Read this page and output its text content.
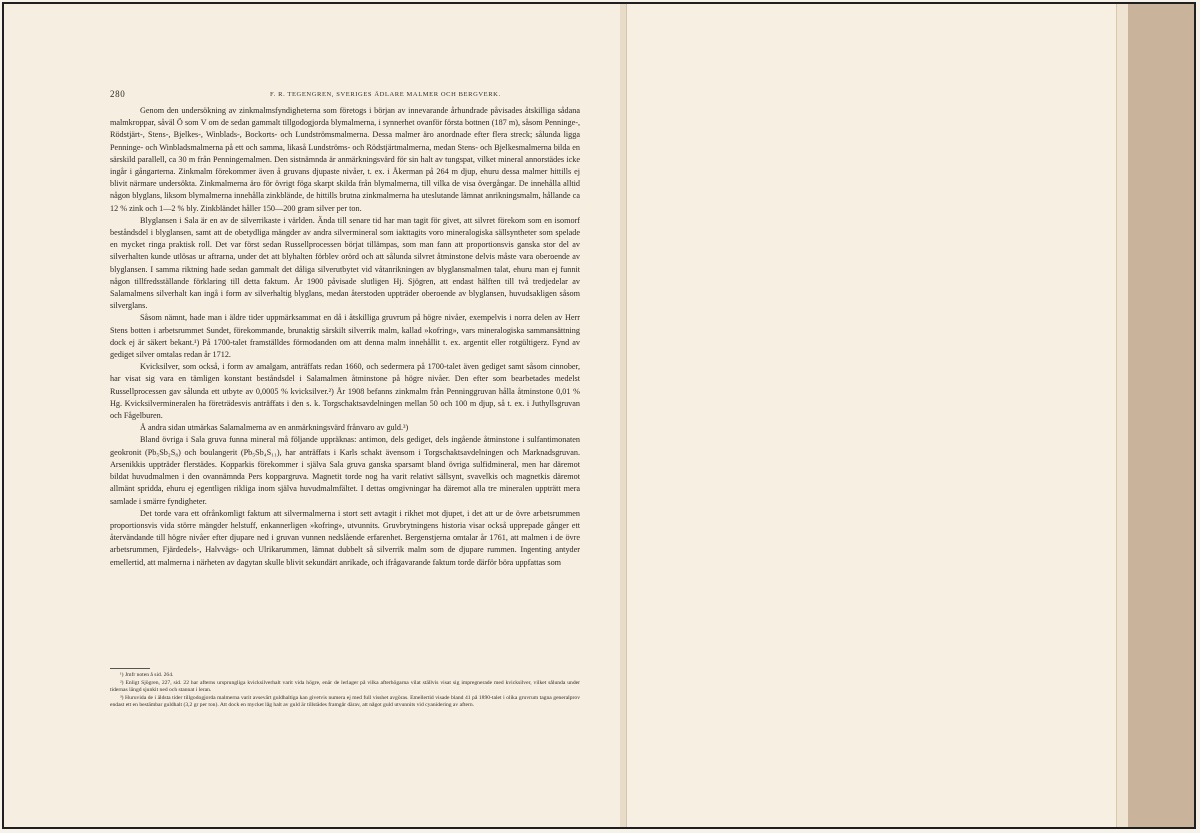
280	F. R. TEGENGREN, SVERIGES ÄDLARE MALMER OCH BERGVERK.

Genom den undersökning av zinkmalmsfyndigheterna som företogs i början av innevarande århundrade påvisades åtskilliga sådana malmkroppar, såväl Ö som V om de sedan gammalt tillgodogjorda blymalmerna, i synnerhet ovanför första bottnen (187 m), såsom Penninge-, Rödstjärt-, Stens-, Bjelkes-, Winblads-, Bockorts- och Lundströmsmalmerna. Dessa malmer äro anordnade efter flera streck; sålunda ligga Penninge- och Winbladsmalmerna på ett och samma, likaså Lundströms- och Rödstjärtmalmerna, medan Stens- och Bjelkesmalmerna bilda en särskild parallell, ca 30 m från Penningemalmen. Den sistnämnda är anmärkningsvärd för sin halt av tungspat, vilket mineral annorstädes icke ingår i gångarterna. Zinkmalm förekommer även å gruvans djupaste nivåer, t. ex. i Åkerman på 264 m djup, ehuru dessa malmer hittills ej blivit närmare undersökta. Zinkmalmerna äro för övrigt föga skarpt skilda från blymalmerna, till vilka de visa övergångar. De innehålla alltid någon blyglans, liksom blymalmerna innehålla zinkblände, de hittills brutna zinkmalmerna ha uteslutande lämnat anrikningsmalm, hållande ca 12 % zink och 1—2 % bly. Zinkbländet håller 150—200 gram silver per ton.

Blyglansen i Sala är en av de silverrikaste i världen. Ända till senare tid har man tagit för givet, att silvret förekom som en isomorf beståndsdel i blyglansen, samt att de obetydliga mängder av andra silvermineral som iakttagits voro mineralogiska sällsyntheter som spelade en mycket ringa praktisk roll. Det var först sedan Russellprocessen börjat tillämpas, som man fann att proportionsvis ganska stor del av silverhalten kunde utlösas ur aftrarna, under det att blyhalten förblev orörd och att sålunda silvret åtminstone delvis måste vara oberoende av blyglansen. I samma riktning hade sedan gammalt det dåliga silverutbytet vid våtanrikningen av blyglansmalmen talat, ehuru man ej funnit någon tillfredsställande förklaring till detta faktum. År 1900 påvisade slutligen Hj. Sjögren, att endast hälften till två tredjedelar av Salamalmens silverhalt kan ingå i form av silverhaltig blyglans, medan återstoden uppträder oberoende av blyglansen, huvudsakligen såsom silverglans.

Såsom nämnt, hade man i äldre tider uppmärksammat en då i åtskilliga gruvrum på högre nivåer, exempelvis i norra delen av Herr Stens botten i arbetsrummet Sundet, förekommande, brunaktig särskilt silverrik malm, kallad »kofring», vars mineralogiska sammansättning dock ej är säkert bekant.¹) På 1700-talet framställdes förmodanden om att denna malm innehållit t. ex. argentit eller rotgültigerz. Fynd av gediget silver omtalas redan år 1712.

Kvicksilver, som också, i form av amalgam, anträffats redan 1660, och sedermera på 1700-talet även gediget samt såsom cinnober, har visat sig vara en tämligen konstant beståndsdel i Salamalmen åtminstone på högre nivåer. Den efter som bearbetades medelst Russellprocessen gav sålunda ett utbyte av 0,0005 % kvicksilver.²) År 1908 befanns zinkmalm från Penninggruvan hålla åtminstone 0,01 % Hg. Kvicksilvermineralen ha företrädesvis anträffats i den s. k. Torgschaktsavdelningen mellan 50 och 100 m djup, så t. ex. i Juthyllsgruvan och Fågelburen.

Å andra sidan utmärkas Salamalmerna av en anmärkningsvärd frånvaro av guld.³)

Bland övriga i Sala gruva funna mineral må följande uppräknas: antimon, dels gediget, dels ingående åtminstone i sulfantimonaten geokronit (Pb₅Sb₂S₈) och boulangerit (Pb₅Sb₄S₁₁), har anträffats i Karls schakt ävensom i Torgschaktsavdelningen och Marknadsgruvan. Arsenikkis uppträder flerstädes. Kopparkis förekommer i själva Sala gruva ganska sparsamt bland övriga sulfidmineral, men har däremot bildat huvudmalmen i den ovannämnda Pers koppargruva. Magnetit torde nog ha varit relativt sällsynt, svavelkis och magnetkis däremot allmänt spridda, ehuru ej egentligen rikliga inom själva huvudmalmfältet. I dettas omgivningar ha däremot alla tre mineralen uppträtt mera samlade i smärre fyndigheter.

Det torde vara ett ofrånkomligt faktum att silvermalmerna i stort sett avtagit i rikhet mot djupet, i det att ur de övre arbetsrummen proportionsvis vida större mängder helstuff, enkannerligen »kofring», utvunnits. Gruvbrytningens historia visar också upprepade gånger ett återvändande till högre nivåer efter djupare ned i gruvan vunnen nedslående erfarenhet. Bergenstjerna omtalar år 1761, att malmen i de övre arbetsrummen, Fjärdedels-, Halvvägs- och Ulrikarummen, lämnat dubbelt så silverrik malm som de djupare rummen. Ingenting antyder emellertid, att malmerna i närheten av dagytan skulle blivit sekundärt anrikade, och ifrågavarande faktum torde därför böra uppfattas som

¹) Jmfr noten å sid. 264.

²) Enligt Sjögren, 227, sid. 22 har afterns ursprungliga kvicksilverhalt varit vida högre, enär de lerlager på vilka afterhögarna vilat ställvis visat sig impregnerade med kvicksilver, vilket sålunda under tidernas längd sjunkit ned och stannat i leran.

³) Huruvida de i äldsta tider tillgodogjorda malmerna varit avsevärt guldhaltiga kan givetvis numera ej med full visshet avgöras. Emellertid visade bland 41 på 1890-talet i olika gruvrum tagna generalprov endast ett en bestämbar guldhalt (3,2 gr per ton). Att dock en mycket låg halt av guld är tillstädes framgår därav, att något guld utvunnits vid cyanidering av aftern.
